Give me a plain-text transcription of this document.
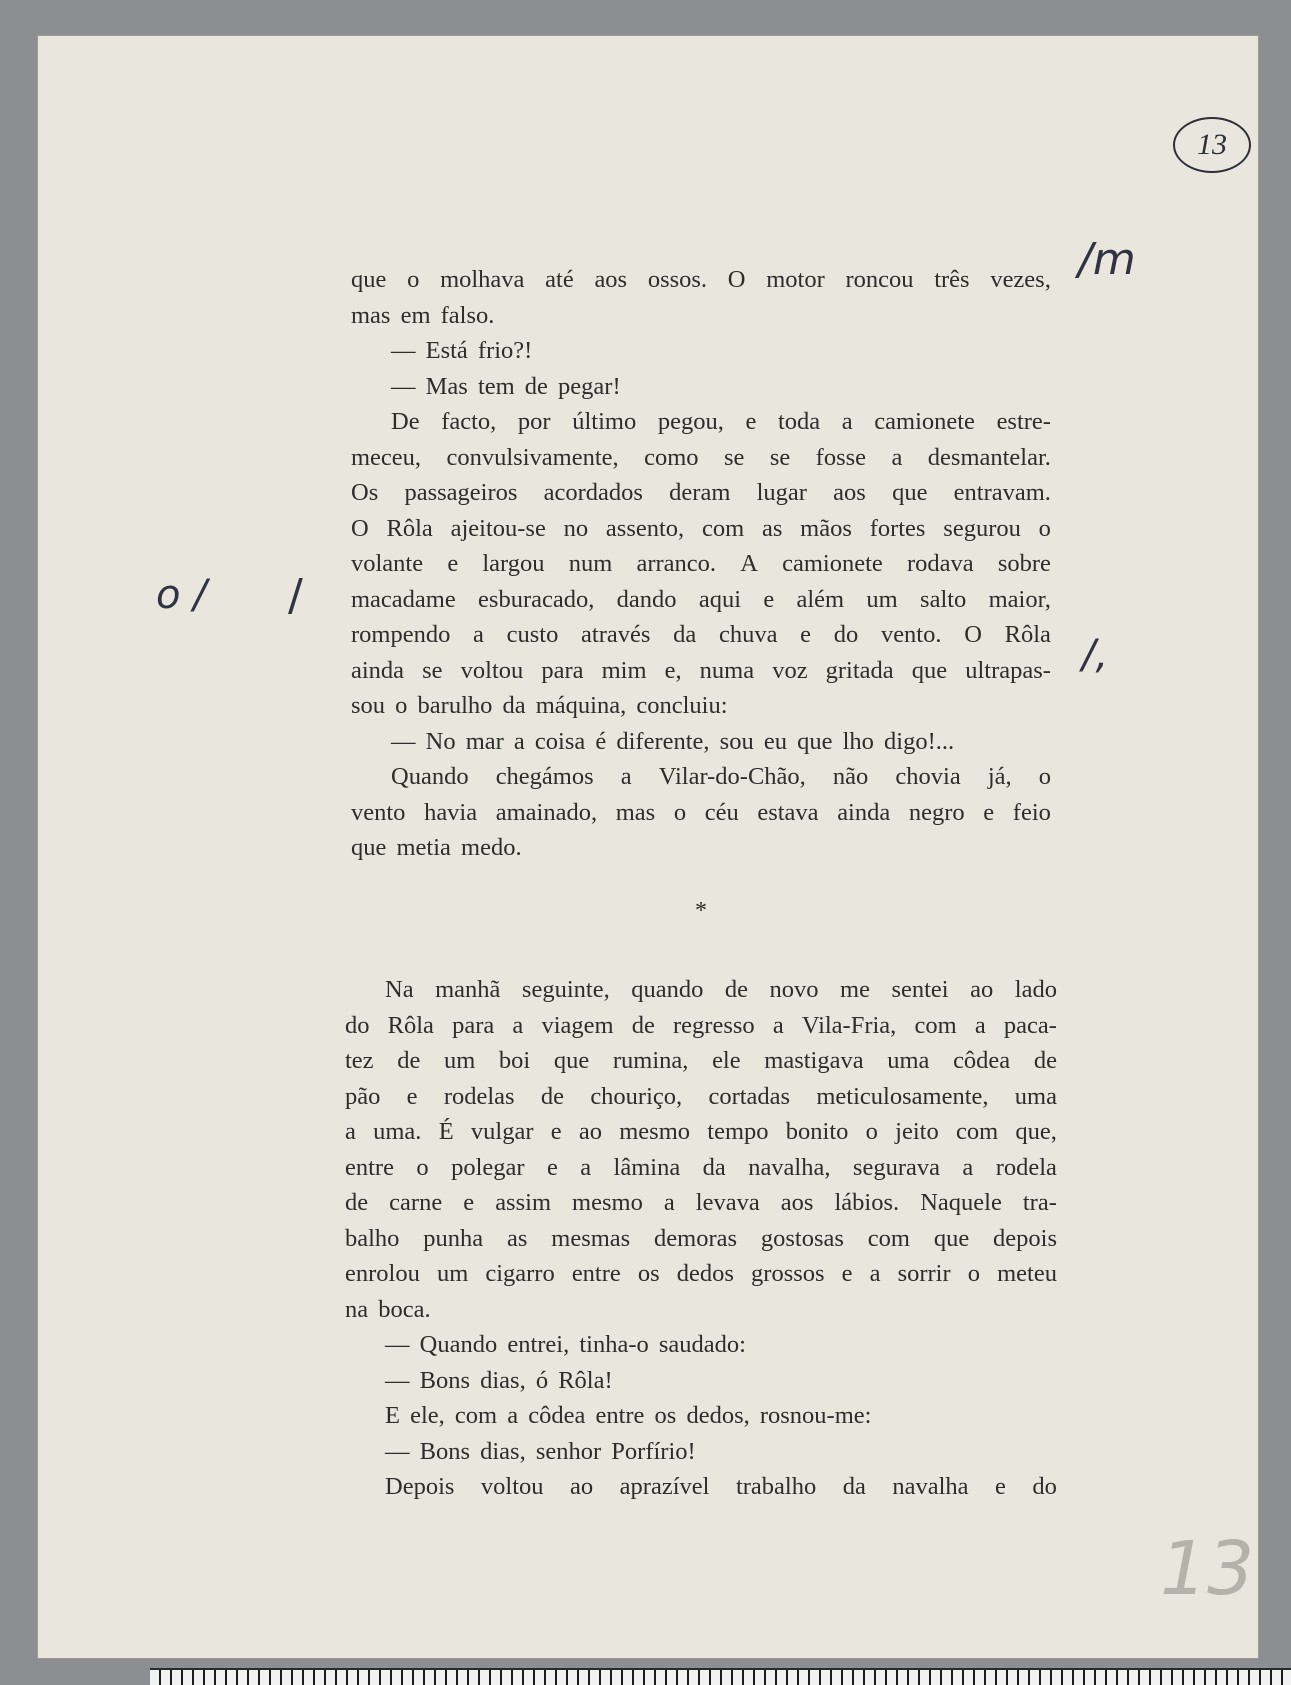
13
/m
o / /
/,
13
que o molhava até aos ossos. O motor roncou três vezes,
mas em falso.
— Está frio?!
— Mas tem de pegar!
De facto, por último pegou, e toda a camionete estre-
meceu, convulsivamente, como se se fosse a desmantelar.
Os passageiros acordados deram lugar aos que entravam.
O Rôla ajeitou-se no assento, com as mãos fortes segurou o
volante e largou num arranco. A camionete rodava sobre
macadame esburacado, dando aqui e além um salto maior,
rompendo a custo através da chuva e do vento. O Rôla
ainda se voltou para mim e, numa voz gritada que ultrapas-
sou o barulho da máquina, concluiu:
— No mar a coisa é diferente, sou eu que lho digo!...
Quando chegámos a Vilar-do-Chão, não chovia já, o
vento havia amainado, mas o céu estava ainda negro e feio
que metia medo.
*
Na manhã seguinte, quando de novo me sentei ao lado
do Rôla para a viagem de regresso a Vila-Fria, com a paca-
tez de um boi que rumina, ele mastigava uma côdea de
pão e rodelas de chouriço, cortadas meticulosamente, uma
a uma. É vulgar e ao mesmo tempo bonito o jeito com que,
entre o polegar e a lâmina da navalha, segurava a rodela
de carne e assim mesmo a levava aos lábios. Naquele tra-
balho punha as mesmas demoras gostosas com que depois
enrolou um cigarro entre os dedos grossos e a sorrir o meteu
na boca.
— Quando entrei, tinha-o saudado:
— Bons dias, ó Rôla!
E ele, com a côdea entre os dedos, rosnou-me:
— Bons dias, senhor Porfírio!
Depois voltou ao aprazível trabalho da navalha e do
